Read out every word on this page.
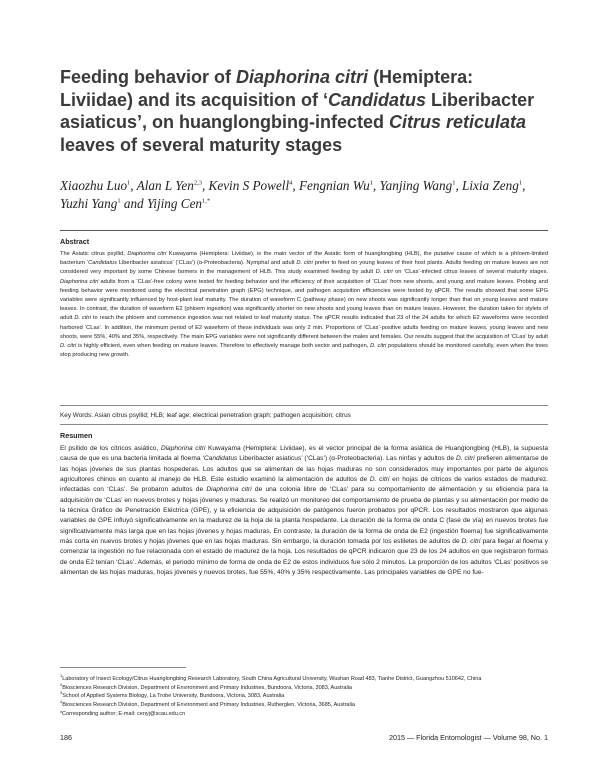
Feeding behavior of Diaphorina citri (Hemiptera: Liviidae) and its acquisition of ‘Candidatus Liberibacter asiaticus’, on huanglongbing-infected Citrus reticulata leaves of several maturity stages
Xiaozhu Luo$^1$, Alan L Yen$^{2,3}$, Kevin S Powell$^4$, Fengnian Wu$^1$, Yanjing Wang$^1$, Lixia Zeng$^1$, Yuzhi Yang$^1$ and Yijing Cen$^{1,*}$
Abstract
The Asiatic citrus psyllid, Diaphorina citri Kuwayama (Hemiptera: Liviidae), is the main vector of the Asiatic form of huanglongbing (HLB), the putative cause of which is a phloem-limited bacterium ‘Candidatus Liberibacter asiaticus’ (‘CLas’) (α-Proteobacteria). Nymphal and adult D. citri prefer to feed on young leaves of their host plants. Adults feeding on mature leaves are not considered very important by some Chinese farmers in the management of HLB. This study examined feeding by adult D. citri on ‘CLas’-infected citrus leaves of several maturity stages. Diaphorina citri adults from a ‘CLas’-free colony were tested for feeding behavior and the efficiency of their acquisition of ‘CLas’ from new shoots, and young and mature leaves. Probing and feeding behavior were monitored using the electrical penetration graph (EPG) technique, and pathogen acquisition efficiencies were tested by qPCR. The results showed that some EPG variables were significantly influenced by host-plant leaf maturity. The duration of waveform C (pathway phase) on new shoots was significantly longer than that on young leaves and mature leaves. In contrast, the duration of waveform E2 (phloem ingestion) was significantly shorter on new shoots and young leaves than on mature leaves. However, the duration taken for stylets of adult D. citri to reach the phloem and commence ingestion was not related to leaf maturity status. The qPCR results indicated that 23 of the 24 adults for which E2 waveforms were recorded harbored ‘CLas’. In addition, the minimum period of E2 waveform of these individuals was only 2 min. Proportions of ‘CLas’-positive adults feeding on mature leaves, young leaves and new shoots, were 55%, 40% and 35%, respectively. The main EPG variables were not significantly different between the males and females. Our results suggest that the acquisition of ‘CLas’ by adult D. citri is highly efficient, even when feeding on mature leaves. Therefore to effectively manage both vector and pathogen, D. citri populations should be monitored carefully, even when the trees stop producing new growth.
Key Words: Asian citrus psyllid; HLB; leaf age; electrical penetration graph; pathogen acquisition; citrus
Resumen
El psílido de los cítricos asiático, Diaphorina citri Kuwayama (Hemiptera: Liviidae), es el vector principal de la forma asiática de Huanglongbing (HLB), la supuesta causa de que es una bacteria limitada al floema ‘Candidatus Liberibacter asiaticus’ (‘CLas’) (α-Proteobacteria). Las ninfas y adultos de D. citri prefieren alimentarse de las hojas jóvenes de sus plantas hospederas. Los adultos que se alimentan de las hojas maduras no son considerados muy importantes por parte de algunos agricultores chinos en cuanto al manejo de HLB. Este estudio examinó la alimentación de adultos de D. citri en hojas de cítricos de varios estados de madurez. infectadas con ‘CLas’. Se probaron adultos de Diaphorina citri de una colonia libre de ‘CLas’ para su comportamiento de alimentación y su eficiencia para la adquisición de ‘CLas’ en nuevos brotes y hojas jóvenes y maduras. Se realizó un monitoreo del comportamiento de prueba de plantas y su alimentación por medio de la técnica Gráfico de Penetración Eléctrica (GPE), y la eficiencia de adquisición de patógenos fueron probados por qPCR. Los resultados mostraron que algunas variables de GPE influyó significativamente en la madurez de la hoja de la planta hospedante. La duración de la forma de onda C (fase de vía) en nuevos brotes fue significativamente más larga que en las hojas jóvenes y hojas maduras. En contraste, la duración de la forma de onda de E2 (ingestión floema) fue significativamente más corta en nuevos brotes y hojas jóvenes que en las hojas maduras. Sin embargo, la duración tomada por los estiletes de adultos de D. citri para llegar al floema y comenzar la ingestión no fue relacionada con el estado de madurez de la hoja. Los resultados de qPCR indicaron que 23 de los 24 adultos en que registraron formas de onda E2 tenían ‘CLas’. Además, el periodo mínimo de forma de onda de E2 de estos individuos fue sólo 2 minutos. La proporción de los adultos ‘CLas’ positivos se alimentan de las hojas maduras, hojas jóvenes y nuevos brotes, fue 55%, 40% y 35% respectivamente. Las principales variables de GPE no fue-

$^1$Laboratory of Insect Ecology/Citrus Huanglongbing Research Laboratory, South China Agricultural University, Wushan Road 483, Tianhe District, Guangzhou 510642, China

$^2$Biosciences Research Division, Department of Environment and Primary Industries, Bundoora, Victoria, 3083, Australia

$^3$School of Applied Systems Biology, La Trobe University, Bundoora, Victoria, 3083, Australia

$^4$Biosciences Research Division, Department of Environment and Primary Industries, Rutherglen, Victoria, 3685, Australia

*Corresponding author; E-mail: cenyj@scau.edu.cn

186	2015 — Florida Entomologist — Volume 98, No. 1
